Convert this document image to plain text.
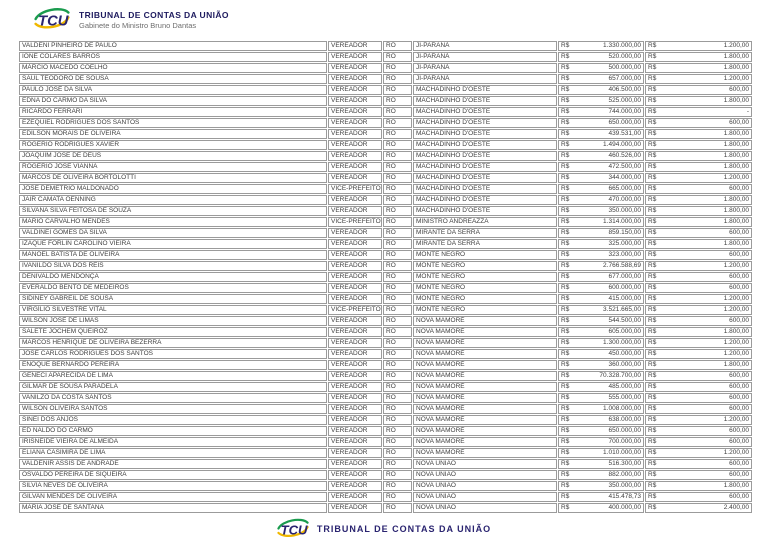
TCU TRIBUNAL DE CONTAS DA UNIÃO
Gabinete do Ministro Bruno Dantas
VALDENI PINHEIRO DE PAULO	VEREADOR	RO	JI-PARANÁ	R$ 1.330.000,00	R$ 1.200,00

IONE COLARES BARROS	VEREADOR	RO	JI-PARANÁ	R$ 520.000,00	R$ 1.800,00

MÁRCIO MACEDO COELHO	VEREADOR	RO	JI-PARANÁ	R$ 500.000,00	R$ 1.800,00

SAUL TEODORO DE SOUSA	VEREADOR	RO	JI-PARANÁ	R$ 657.000,00	R$ 1.200,00

PAULO JOSÉ DA SILVA	VEREADOR	RO	MACHADINHO D'OESTE	R$ 406.500,00	R$ 600,00

EDNA DO CARMO DA SILVA	VEREADOR	RO	MACHADINHO D'OESTE	R$ 525.000,00	R$ 1.800,00

RICARDO FERRARI	VEREADOR	RO	MACHADINHO D'OESTE	R$ 744.000,00	R$ -

EZEQUIEL RODRIGUES DOS SANTOS	VEREADOR	RO	MACHADINHO D'OESTE	R$ 650.000,00	R$ 600,00

EDILSON MORAIS DE OLIVEIRA	VEREADOR	RO	MACHADINHO D'OESTE	R$ 439.531,00	R$ 1.800,00

ROGERIO RODRIGUES XAVIER	VEREADOR	RO	MACHADINHO D'OESTE	R$ 1.494.000,00	R$ 1.800,00

JOAQUIM JOSE DE DEUS	VEREADOR	RO	MACHADINHO D'OESTE	R$ 460.526,00	R$ 1.800,00

ROGERIO JOSE VIANNA	VEREADOR	RO	MACHADINHO D'OESTE	R$ 472.500,00	R$ 1.800,00

MARCOS DE OLIVEIRA BORTOLOTTI	VEREADOR	RO	MACHADINHO D'OESTE	R$ 344.000,00	R$ 1.200,00

JOSE DEMETRIO MALDONADO	VICE-PREFEITO	RO	MACHADINHO D'OESTE	R$ 665.000,00	R$ 600,00

JAIR CAMATA OENNING	VEREADOR	RO	MACHADINHO D'OESTE	R$ 470.000,00	R$ 1.800,00

SILVANA SILVA FEITOSA DE SOUZA	VEREADOR	RO	MACHADINHO D'OESTE	R$ 350.000,00	R$ 1.800,00

MARIO CARVALHO MENDES	VICE-PREFEITO	RO	MINISTRO ANDREAZZA	R$ 1.314.000,00	R$ 1.800,00

VALDINEI GOMES DA SILVA	VEREADOR	RO	MIRANTE DA SERRA	R$ 859.150,00	R$ 600,00

IZAQUE FORLIN CAROLINO VIEIRA	VEREADOR	RO	MIRANTE DA SERRA	R$ 325.000,00	R$ 1.800,00

MANOEL BATISTA DE OLIVEIRA	VEREADOR	RO	MONTE NEGRO	R$ 323.000,00	R$ 600,00

IVANILDO SILVA DOS REIS	VEREADOR	RO	MONTE NEGRO	R$ 2.766.588,69	R$ 1.200,00

DENIVALDO MENDONÇA	VEREADOR	RO	MONTE NEGRO	R$ 677.000,00	R$ 600,00

EVERALDO BENTO DE MEDEIROS	VEREADOR	RO	MONTE NEGRO	R$ 600.000,00	R$ 600,00

SIDINEY GABREIL DE SOUSA	VEREADOR	RO	MONTE NEGRO	R$ 415.000,00	R$ 1.200,00

VIRGÍLIO SILVESTRE VITAL	VICE-PREFEITO	RO	MONTE NEGRO	R$ 3.521.665,00	R$ 1.200,00

WILSON JOSÉ DE LIMAS	VEREADOR	RO	NOVA MAMORÉ	R$ 544.500,00	R$ 600,00

SALETE JOCHEM QUEIROZ	VEREADOR	RO	NOVA MAMORÉ	R$ 605.000,00	R$ 1.800,00

MARCOS HENRIQUE DE OLIVEIRA BEZERRA	VEREADOR	RO	NOVA MAMORÉ	R$ 1.300.000,00	R$ 1.200,00

JOSE CARLOS RODRIGUES DOS SANTOS	VEREADOR	RO	NOVA MAMORÉ	R$ 450.000,00	R$ 1.200,00

ENOQUE BERNARDO PEREIRA	VEREADOR	RO	NOVA MAMORÉ	R$ 360.000,00	R$ 1.800,00

GENECI APARECIDA DE LIMA	VEREADOR	RO	NOVA MAMORÉ	R$ 70.328.700,00	R$ 600,00

GILMAR DE SOUSA PARADELA	VEREADOR	RO	NOVA MAMORÉ	R$ 485.000,00	R$ 600,00

VANILZO DA COSTA SANTOS	VEREADOR	RO	NOVA MAMORÉ	R$ 555.000,00	R$ 600,00

WILSON OLIVEIRA SANTOS	VEREADOR	RO	NOVA MAMORÉ	R$ 1.008.000,00	R$ 600,00

SINEI DOS ANJOS	VEREADOR	RO	NOVA MAMORÉ	R$ 638.000,00	R$ 1.200,00

ED NALDO DO CARMO	VEREADOR	RO	NOVA MAMORÉ	R$ 650.000,00	R$ 600,00

IRISNEIDE VIEIRA DE ALMEIDA	VEREADOR	RO	NOVA MAMORÉ	R$ 700.000,00	R$ 600,00

ELIANA CASIMIRA DE LIMA	VEREADOR	RO	NOVA MAMORÉ	R$ 1.010.000,00	R$ 1.200,00

VALDENIR ASSIS DE ANDRADE	VEREADOR	RO	NOVA UNIÃO	R$ 516.300,00	R$ 600,00

OSVALDO PEREIRA DE SIQUEIRA	VEREADOR	RO	NOVA UNIÃO	R$ 882.000,00	R$ 600,00

SILVIA NEVES DE OLIVEIRA	VEREADOR	RO	NOVA UNIÃO	R$ 350.000,00	R$ 1.800,00

GILVAN MENDES DE OLIVEIRA	VEREADOR	RO	NOVA UNIÃO	R$ 415.478,73	R$ 600,00

MARIA JOSE DE SANTANA	VEREADOR	RO	NOVA UNIÃO	R$ 400.000,00	R$ 2.400,00
TCU TRIBUNAL DE CONTAS DA UNIÃO
